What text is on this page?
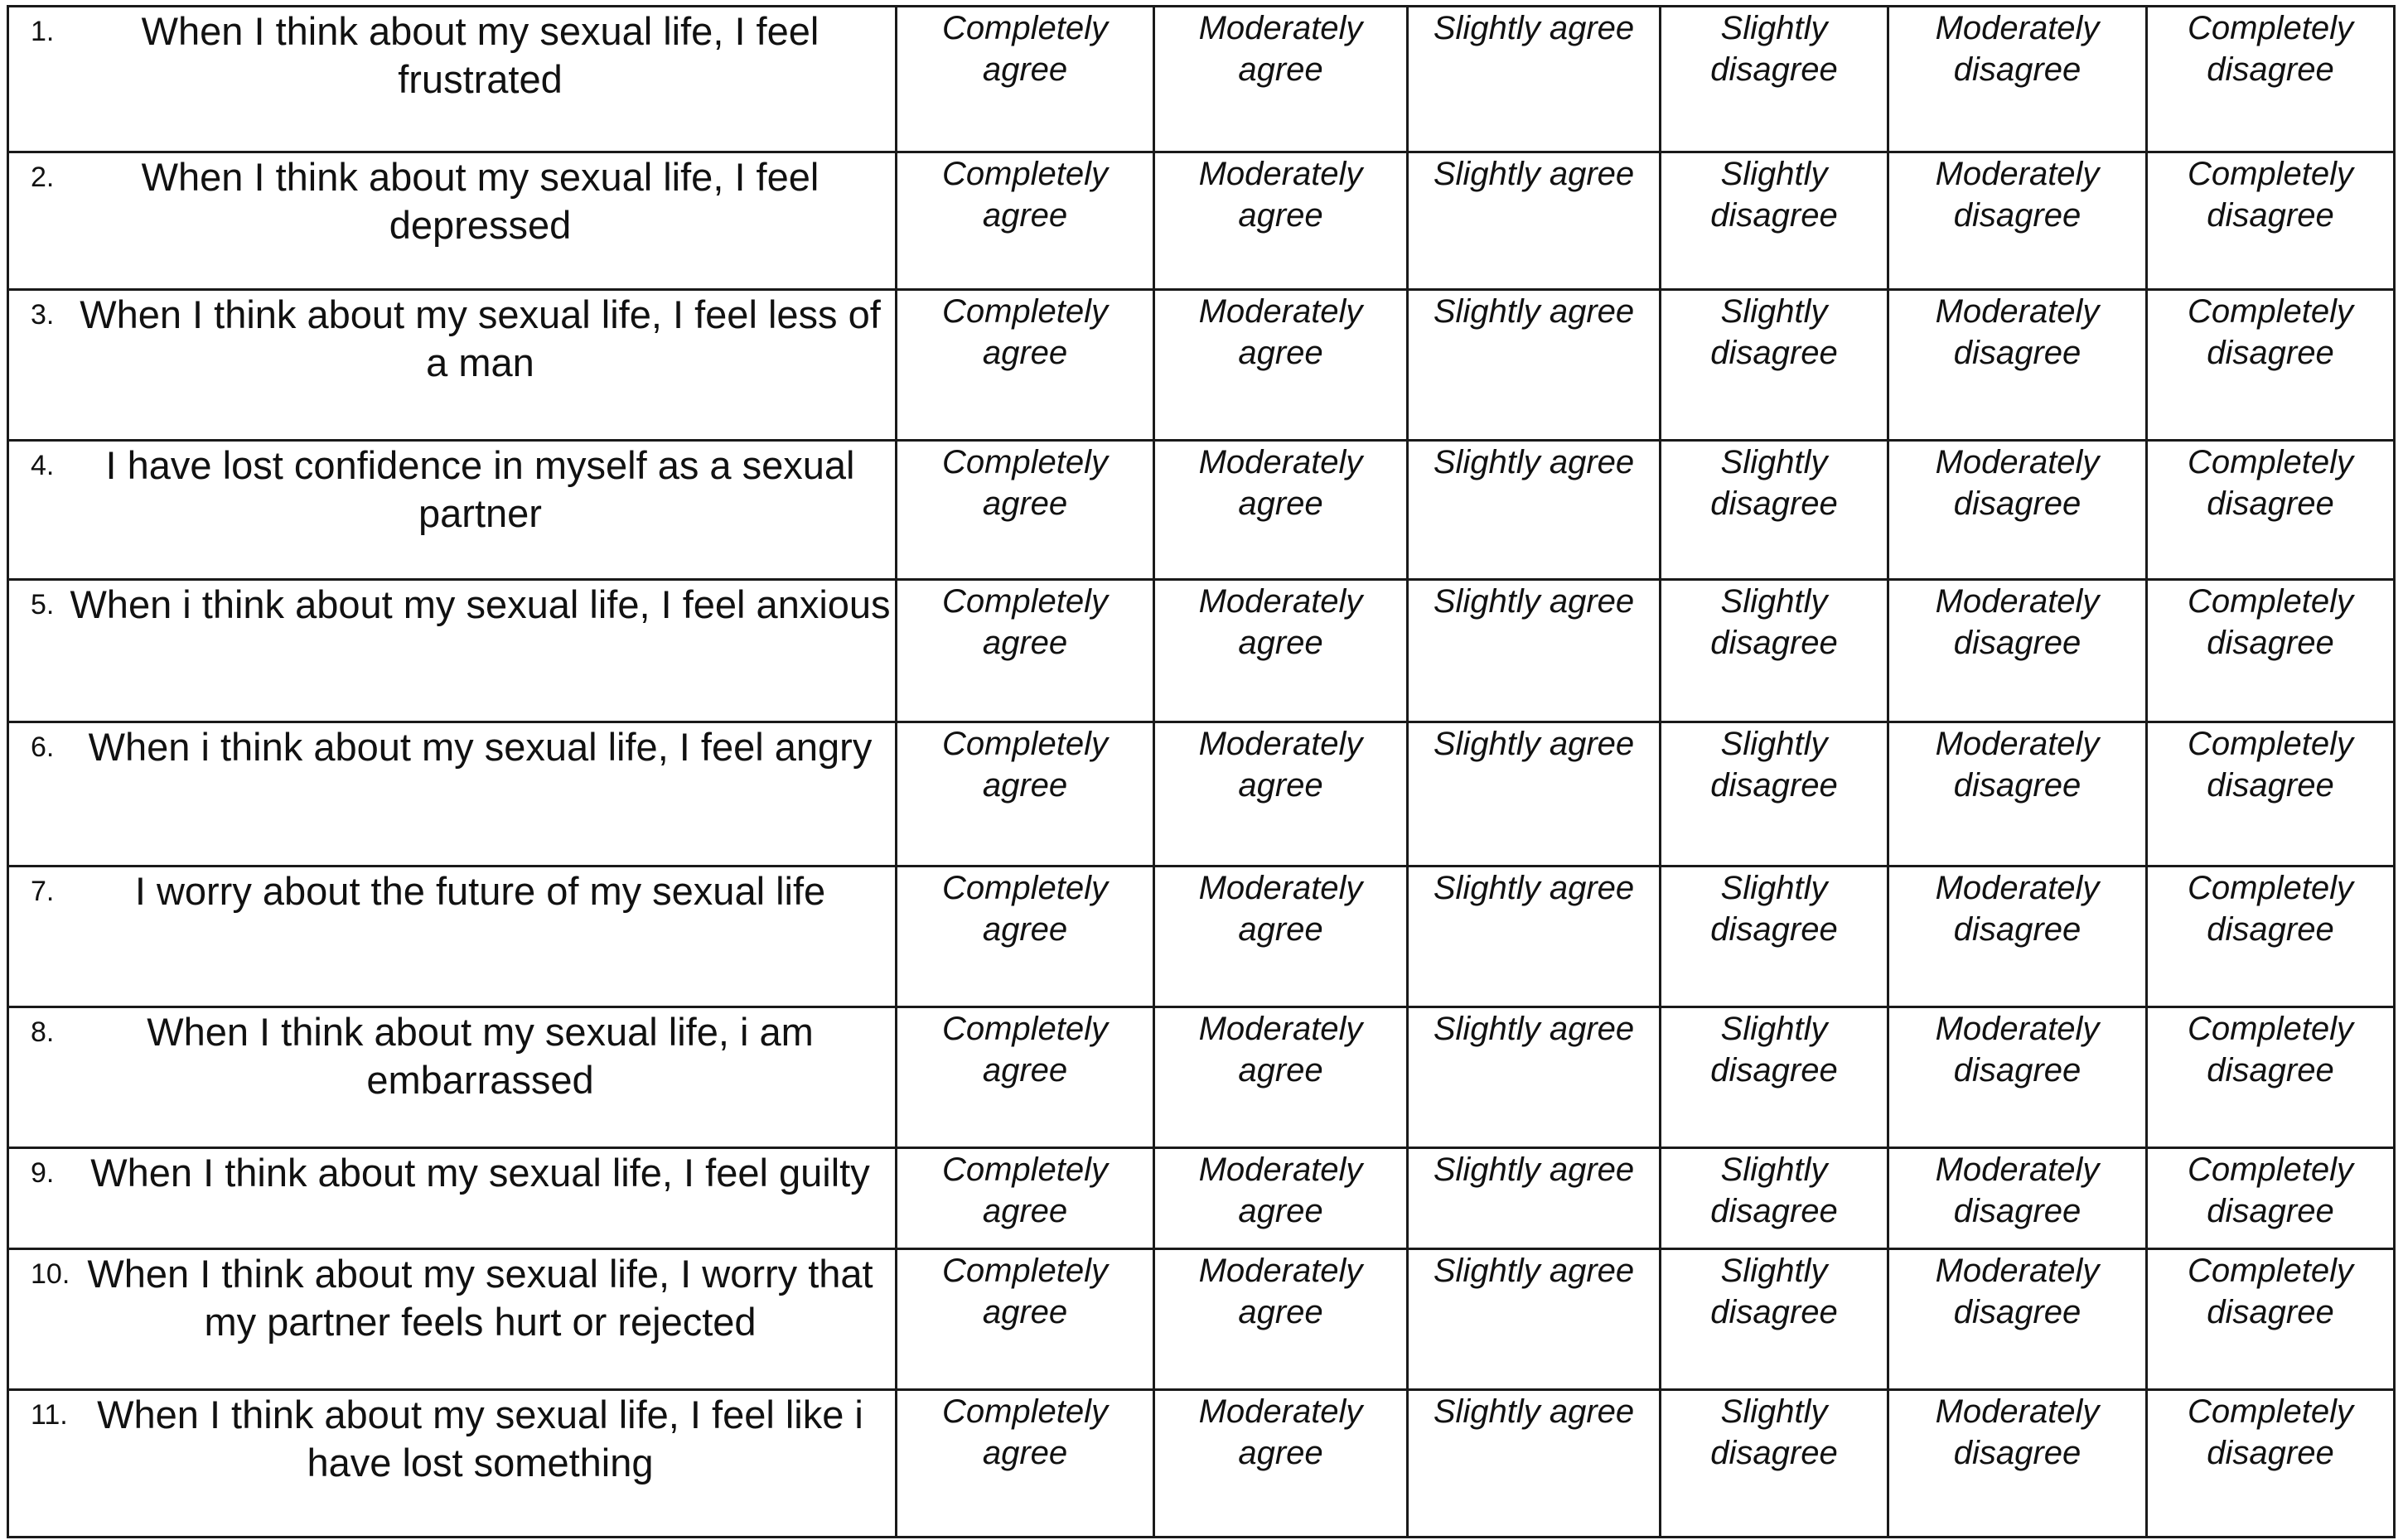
1. When I think about my sexual life, I feel frustrated	Completely agree	Moderately agree	Slightly agree	Slightly disagree	Moderately disagree	Completely disagree

2. When I think about my sexual life, I feel depressed	Completely agree	Moderately agree	Slightly agree	Slightly disagree	Moderately disagree	Completely disagree

3. When I think about my sexual life, I feel less of a man	Completely agree	Moderately agree	Slightly agree	Slightly disagree	Moderately disagree	Completely disagree

4. I have lost confidence in myself as a sexual partner	Completely agree	Moderately agree	Slightly agree	Slightly disagree	Moderately disagree	Completely disagree

5. When i think about my sexual life, I feel anxious	Completely agree	Moderately agree	Slightly agree	Slightly disagree	Moderately disagree	Completely disagree

6. When i think about my sexual life, I feel angry	Completely agree	Moderately agree	Slightly agree	Slightly disagree	Moderately disagree	Completely disagree

7. I worry about the future of my sexual life	Completely agree	Moderately agree	Slightly agree	Slightly disagree	Moderately disagree	Completely disagree

8. When I think about my sexual life, i am embarrassed	Completely agree	Moderately agree	Slightly agree	Slightly disagree	Moderately disagree	Completely disagree

9. When I think about my sexual life, I feel guilty	Completely agree	Moderately agree	Slightly agree	Slightly disagree	Moderately disagree	Completely disagree

10. When I think about my sexual life, I worry that my partner feels hurt or rejected	Completely agree	Moderately agree	Slightly agree	Slightly disagree	Moderately disagree	Completely disagree

11. When I think about my sexual life, I feel like i have lost something	Completely agree	Moderately agree	Slightly agree	Slightly disagree	Moderately disagree	Completely disagree
